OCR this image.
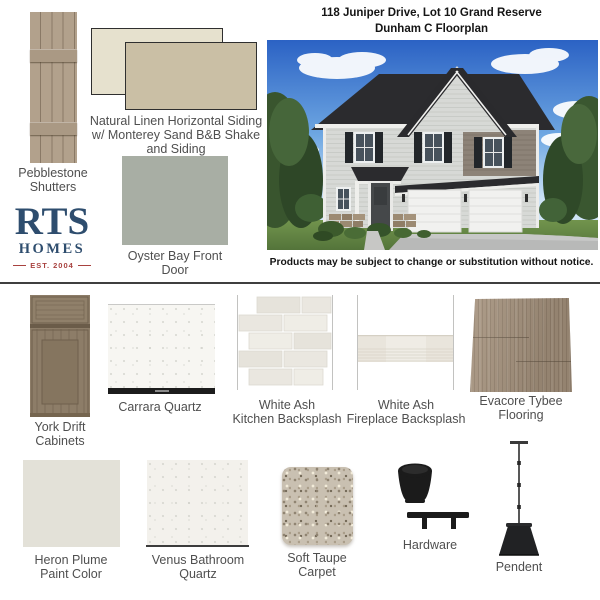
118 Juniper Drive, Lot 10 Grand Reserve
Dunham C Floorplan
Products may be subject to change or substitution without notice.
Pebblestone
Shutters
Natural Linen Horizontal Siding
w/ Monterey Sand B&B Shake
and Siding
Oyster Bay Front
Door
RTS
HOMES
EST. 2004
York Drift
Cabinets
Carrara Quartz	White Ash
Kitchen Backsplash
White Ash
Fireplace Backsplash
Evacore Tybee
Flooring
Heron Plume
Paint Color
Venus Bathroom
Quartz
Soft Taupe
Carpet
Hardware
Pendent
